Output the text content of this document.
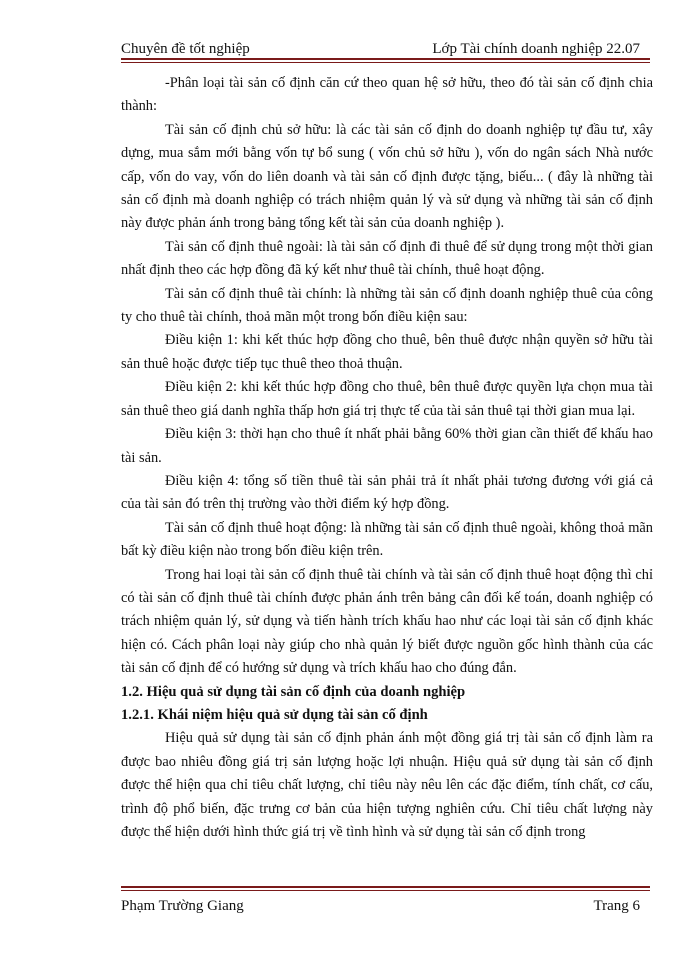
Chuyên đề tốt nghiệp	Lớp Tài chính doanh nghiệp 22.07

-Phân loại tài sản cố định căn cứ theo quan hệ sở hữu, theo đó tài sản cố định chia thành:

Tài sản cố định chủ sở hữu: là các tài sản cố định do doanh nghiệp tự đầu tư, xây dựng, mua sắm mới bằng vốn tự bổ sung ( vốn chủ sở hữu ), vốn do ngân sách Nhà nước cấp, vốn do vay, vốn do liên doanh và tài sản cố định được tặng, biếu... ( đây là những tài sản cố định mà doanh nghiệp có trách nhiệm quản lý và sử dụng và những tài sản cố định này được phản ánh trong bảng tổng kết tài sản của doanh nghiệp ).

Tài sản cố định thuê ngoài: là tài sản cố định đi thuê để sử dụng trong một thời gian nhất định theo các hợp đồng đã ký kết như thuê tài chính, thuê hoạt động.

Tài sản cố định thuê tài chính: là những tài sản cố định doanh nghiệp thuê của công ty cho thuê tài chính, thoả mãn một trong bốn điều kiện sau:

Điều kiện 1: khi kết thúc hợp đồng cho thuê, bên thuê được nhận quyền sở hữu tài sản thuê hoặc được tiếp tục thuê theo thoả thuận.

Điều kiện 2: khi kết thúc hợp đồng cho thuê, bên thuê được quyền lựa chọn mua tài sản thuê theo giá danh nghĩa thấp hơn giá trị thực tế của tài sản thuê tại thời gian mua lại.

Điều kiện 3: thời hạn cho thuê ít nhất phải bằng 60% thời gian cần thiết để khấu hao tài sản.

Điều kiện 4: tổng số tiền thuê tài sản phải trả ít nhất phải tương đương với giá cả của tài sản đó trên thị trường vào thời điểm ký hợp đồng.

Tài sản cố định thuê hoạt động: là những tài sản cố định thuê ngoài, không thoả mãn bất kỳ điều kiện nào trong bốn điều kiện trên.

Trong hai loại tài sản cố định thuê tài chính và tài sản cố định thuê hoạt động thì chỉ có tài sản cố định thuê tài chính được phản ánh trên bảng cân đối kế toán, doanh nghiệp có trách nhiệm quản lý, sử dụng và tiến hành trích khấu hao như các loại tài sản cố định khác hiện có. Cách phân loại này giúp cho nhà quản lý biết được nguồn gốc hình thành của các tài sản cố định để có hướng sử dụng và trích khấu hao cho đúng đắn.

1.2. Hiệu quả sử dụng tài sản cố định của doanh nghiệp

1.2.1. Khái niệm hiệu quả sử dụng tài sản cố định

Hiệu quả sử dụng tài sản cố định phản ánh một đồng giá trị tài sản cố định làm ra được bao nhiêu đồng giá trị sản lượng hoặc lợi nhuận. Hiệu quả sử dụng tài sản cố định được thể hiện qua chỉ tiêu chất lượng, chỉ tiêu này nêu lên các đặc điểm, tính chất, cơ cấu, trình độ phổ biến, đặc trưng cơ bản của hiện tượng nghiên cứu. Chỉ tiêu chất lượng này được thể hiện dưới hình thức giá trị về tình hình và sử dụng tài sản cố định trong

Phạm Trường Giang	Trang 6
